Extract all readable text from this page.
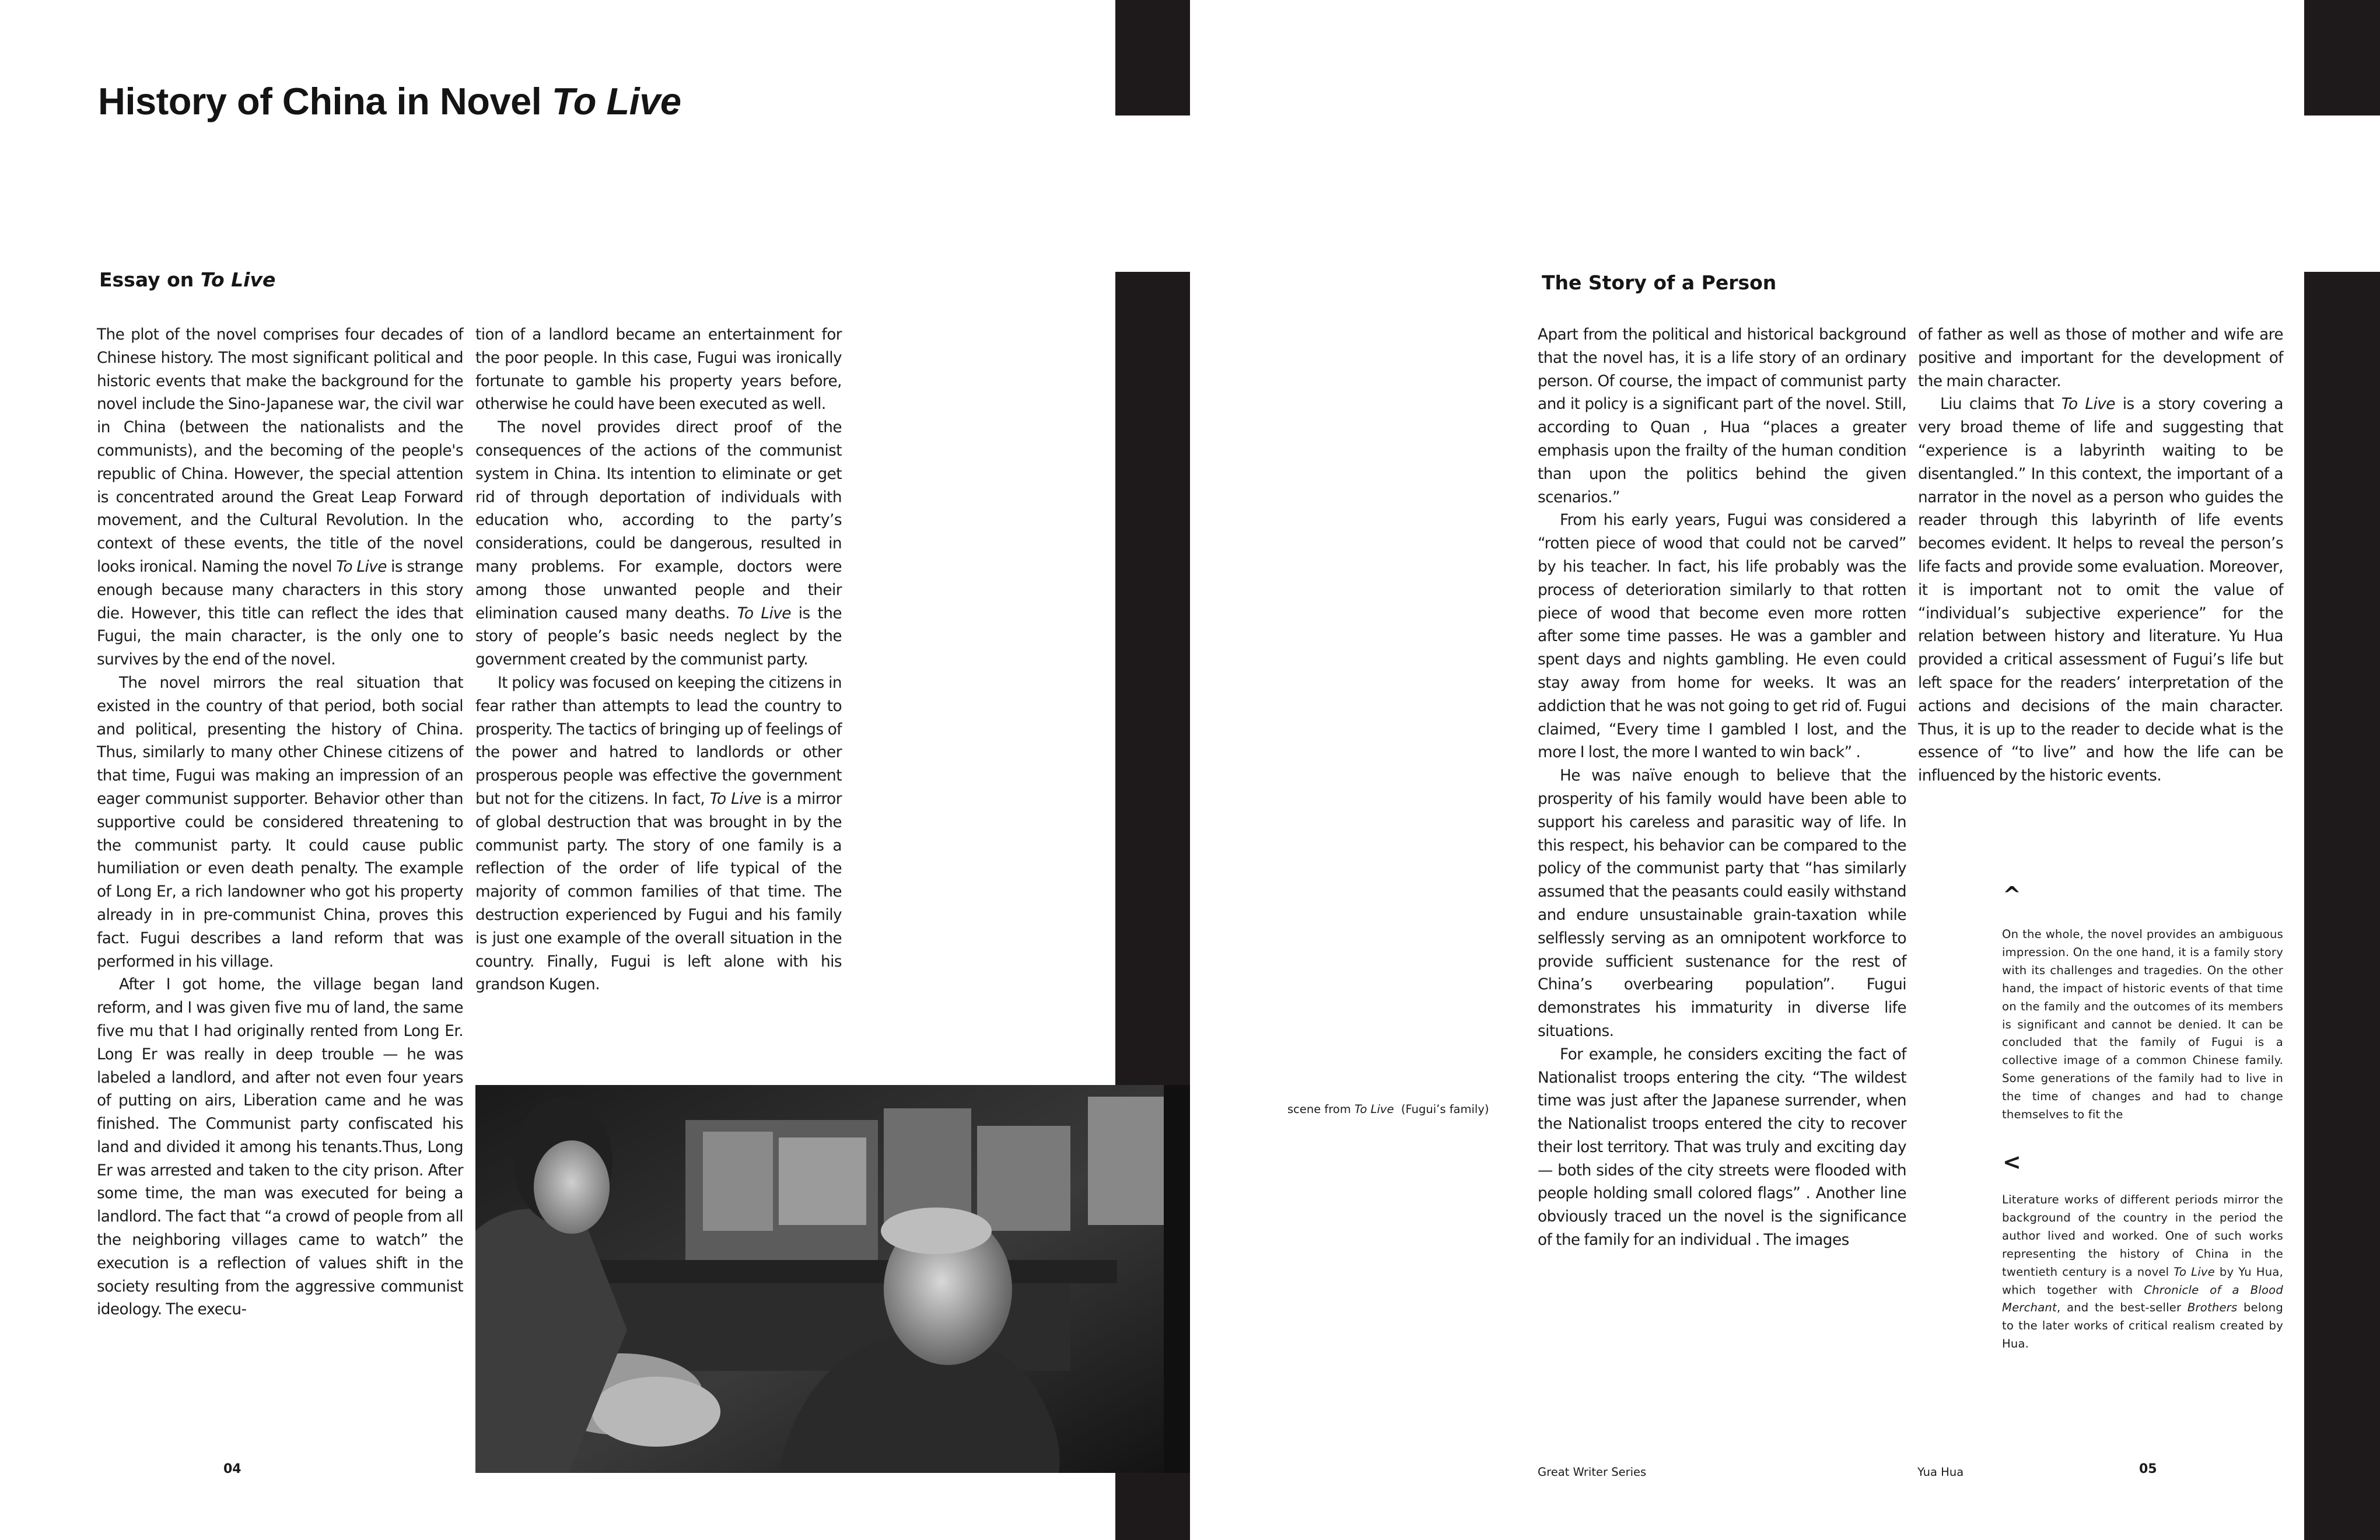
History of China in Novel To Live
Essay on To Live

The plot of the novel comprises four decades of Chinese history. The most significant political and historic events that make the background for the novel include the Sino-Japanese war, the civil war in China (between the nationalists and the communists), and the becoming of the people's republic of China. However, the special attention is concentrated around the Great Leap Forward movement, and the Cultural Revolution. In the context of these events, the title of the novel looks ironical. Naming the novel To Live is strange enough because many characters in this story die. However, this title can reflect the ides that Fugui, the main character, is the only one to survives by the end of the novel.

The novel mirrors the real situation that existed in the country of that period, both social and political, presenting the history of China. Thus, similarly to many other Chinese citizens of that time, Fugui was making an impression of an eager communist supporter. Behavior other than supportive could be considered threatening to the communist party. It could cause public humiliation or even death penalty. The example of Long Er, a rich landowner who got his property already in in pre-communist China, proves this fact. Fugui describes a land reform that was performed in his village.

After I got home, the village began land reform, and I was given five mu of land, the same five mu that I had originally rented from Long Er. Long Er was really in deep trouble — he was labeled a landlord, and after not even four years of putting on airs, Liberation came and he was finished. The Communist party confiscated his land and divided it among his tenants.Thus, Long Er was arrested and taken to the city prison. After some time, the man was executed for being a landlord. The fact that “a crowd of people from all the neighboring villages came to watch” the execution is a reflection of values shift in the society resulting from the aggressive communist ideology. The execu-

tion of a landlord became an entertainment for the poor people. In this case, Fugui was ironically fortunate to gamble his property years before, otherwise he could have been executed as well.

The novel provides direct proof of the consequences of the actions of the communist system in China. Its intention to eliminate or get rid of through deportation of individuals with education who, according to the party’s considerations, could be dangerous, resulted in many problems. For example, doctors were among those unwanted people and their elimination caused many deaths. To Live is the story of people’s basic needs neglect by the government created by the communist party.

It policy was focused on keeping the citizens in fear rather than attempts to lead the country to prosperity. The tactics of bringing up of feelings of the power and hatred to landlords or other prosperous people was effective the government but not for the citizens. In fact, To Live is a mirror of global destruction that was brought in by the communist party. The story of one family is a reflection of the order of life typical of the majority of common families of that time. The destruction experienced by Fugui and his family is just one example of the overall situation in the country. Finally, Fugui is left alone with his grandson Kugen.

04
The Story of a Person

Apart from the political and historical background that the novel has, it is a life story of an ordinary person. Of course, the impact of communist party and it policy is a significant part of the novel. Still, according to Quan , Hua “places a greater emphasis upon the frailty of the human condition than upon the politics behind the given scenarios.”

From his early years, Fugui was considered a “rotten piece of wood that could not be carved” by his teacher. In fact, his life probably was the process of deterioration similarly to that rotten piece of wood that become even more rotten after some time passes. He was a gambler and spent days and nights gambling. He even could stay away from home for weeks. It was an addiction that he was not going to get rid of. Fugui claimed, “Every time I gambled I lost, and the more I lost, the more I wanted to win back” .

He was naïve enough to believe that the prosperity of his family would have been able to support his careless and parasitic way of life. In this respect, his behavior can be compared to the policy of the communist party that “has similarly assumed that the peasants could easily withstand and endure unsustainable grain-taxation while selflessly serving as an omnipotent workforce to provide sufficient sustenance for the rest of China’s overbearing population”. Fugui demonstrates his immaturity in diverse life situations.

For example, he considers exciting the fact of Nationalist troops entering the city. “The wildest time was just after the Japanese surrender, when the Nationalist troops entered the city to recover their lost territory. That was truly and exciting day — both sides of the city streets were flooded with people holding small colored flags” . Another line obviously traced un the novel is the significance of the family for an individual . The images

of father as well as those of mother and wife are positive and important for the development of the main character.

Liu claims that To Live is a story covering a very broad theme of life and suggesting that “experience is a labyrinth waiting to be disentangled.” In this context, the important of a narrator in the novel as a person who guides the reader through this labyrinth of life events becomes evident. It helps to reveal the person’s life facts and provide some evaluation. Moreover, it is important not to omit the value of “individual’s subjective experience” for the relation between history and literature. Yu Hua provided a critical assessment of Fugui’s life but left space for the readers’ interpretation of the actions and decisions of the main character. Thus, it is up to the reader to decide what is the essence of “to live” and how the life can be influenced by the historic events.

scene from To Live  (Fugui’s family)
^

On the whole, the novel provides an ambiguous impression. On the one hand, it is a family story with its challenges and tragedies. On the other hand, the impact of historic events of that time on the family and the outcomes of its members is significant and cannot be denied. It can be concluded that the family of Fugui is a collective image of a common Chinese family. Some generations of the family had to live in the time of changes and had to change themselves to fit the

<

Literature works of different periods mirror the background of the country in the period the author lived and worked. One of such works representing the history of China in the twentieth century is a novel To Live by Yu Hua, which together with Chronicle of a Blood Merchant, and the best-seller Brothers belong to the later works of critical realism created by Hua.

Great Writer Series	Yua Hua	05
